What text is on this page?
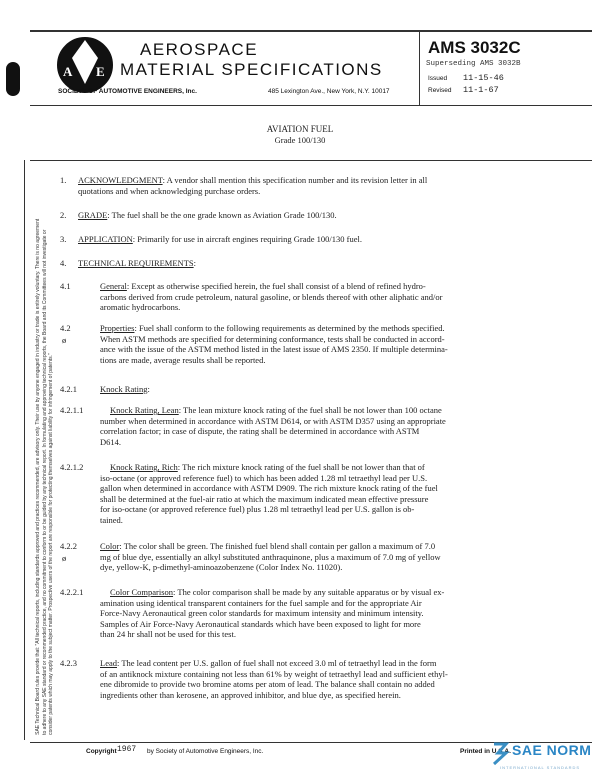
S
A E
AEROSPACE
MATERIAL SPECIFICATIONS
SOCIETY OF AUTOMOTIVE ENGINEERS, Inc.	485 Lexington Ave., New York, N.Y. 10017
AMS 3032C
Superseding AMS 3032B
Issued 11-15-46
Revised 11-1-67
AVIATION FUEL
Grade 100/130
SAE Technical Board rules provide that: "All technical reports, including standards approved and practices recommended, are advisory only. Their use by anyone engaged in industry or trade is entirely voluntary. There is no agreement to adhere to any SAE standard or recommended practice, and no commitment to conform to or be guided by any technical report. In formulating and approving technical reports, the Board and its Committees will not investigate or consider patents which may apply to the subject matter. Prospective users of the report are responsible for protecting themselves against liability for infringement of patents."
1. ACKNOWLEDGMENT: A vendor shall mention this specification number and its revision letter in all
quotations and when acknowledging purchase orders.
2. GRADE: The fuel shall be the one grade known as Aviation Grade 100/130.
3. APPLICATION: Primarily for use in aircraft engines requiring Grade 100/130 fuel.
4. TECHNICAL REQUIREMENTS:
4.1	General: Except as otherwise specified herein, the fuel shall consist of a blend of refined hydro-
carbons derived from crude petroleum, natural gasoline, or blends thereof with other aliphatic and/or
aromatic hydrocarbons.
4.2
ø
Properties: Fuel shall conform to the following requirements as determined by the methods specified.
When ASTM methods are specified for determining conformance, tests shall be conducted in accord-
ance with the issue of the ASTM method listed in the latest issue of AMS 2350. If multiple determina-
tions are made, average results shall be reported.
4.2.1	Knock Rating:
4.2.1.1	Knock Rating, Lean: The lean mixture knock rating of the fuel shall be not lower than 100 octane
number when determined in accordance with ASTM D614, or with ASTM D357 using an appropriate
correlation factor; in case of dispute, the rating shall be determined in accordance with ASTM
D614.
4.2.1.2	Knock Rating, Rich: The rich mixture knock rating of the fuel shall be not lower than that of
iso-octane (or approved reference fuel) to which has been added 1.28 ml tetraethyl lead per U.S.
gallon when determined in accordance with ASTM D909. The rich mixture knock rating of the fuel
shall be determined at the fuel-air ratio at which the maximum indicated mean effective pressure
for iso-octane (or approved reference fuel) plus 1.28 ml tetraethyl lead per U.S. gallon is ob-
tained.
4.2.2
ø
Color: The color shall be green. The finished fuel blend shall contain per gallon a maximum of 7.0
mg of blue dye, essentially an alkyl substituted anthraquinone, plus a maximum of 7.0 mg of yellow
dye, yellow-K, p-dimethyl-aminoazobenzene (Color Index No. 11020).
4.2.2.1	Color Comparison: The color comparison shall be made by any suitable apparatus or by visual ex-
amination using identical transparent containers for the fuel sample and for the appropriate Air
Force-Navy Aeronautical green color standards for maximum intensity and minimum intensity.
Samples of Air Force-Navy Aeronautical standards which have been exposed to light for more
than 24 hr shall not be used for this test.
4.2.3	Lead: The lead content per U.S. gallon of fuel shall not exceed 3.0 ml of tetraethyl lead in the form
of an antiknock mixture containing not less than 61% by weight of tetraethyl lead and sufficient ethyl-
ene dibromide to provide two bromine atoms per atom of lead. The balance shall contain no added
ingredients other than kerosene, an approved inhibitor, and blue dye, as specified herein.
Copyright 1967 by Society of Automotive Engineers, Inc.	Printed in U.S.A. SAE NORM
INTERNATIONAL STANDARDS
